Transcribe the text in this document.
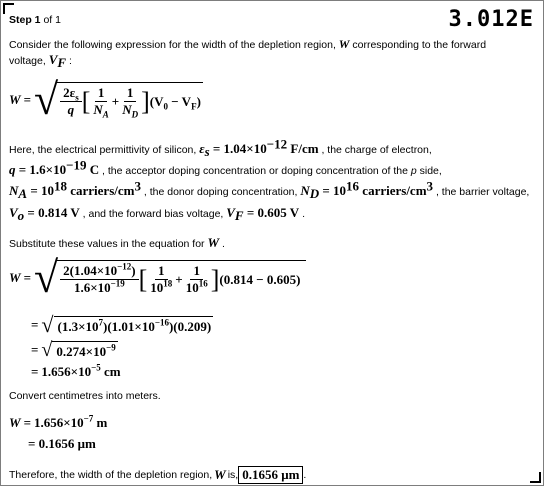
Step 1 of 1	3.012E
Consider the following expression for the width of the depletion region, W corresponding to the forward
voltage, $V_F$ :
W = √ $\frac{2\varepsilon_s}{q}$ [ $\frac{1}{N_A} + \frac{1}{N_D}$ ] $(V_0 - V_F)$
Here, the electrical permittivity of silicon, $\varepsilon_s = 1.04\times 10^{-12}$ F/cm , the charge of electron,
$q = 1.6\times 10^{-19}$ C , the acceptor doping concentration or doping concentration of the p side,
$N_A = 10^{18}$ carriers/$cm^3$ , the donor doping concentration, $N_D = 10^{16}$ carriers/$cm^3$ , the barrier voltage,
$V_o = 0.814$ V , and the forward bias voltage, $V_F = 0.605$ V .
Substitute these values in the equation for W .
W = √ $\frac{2(1.04\times 10^{-12})}{1.6\times 10^{-19}}$ [ $\frac{1}{10^{18}} + \frac{1}{10^{16}}$ ] (0.814 − 0.605)
= √ $(1.3\times 10^7)(1.01\times 10^{-16})(0.209)$
= √ $0.274\times 10^{-9}$
= $1.656\times 10^{-5}$ cm
Convert centimetres into meters.
$W = 1.656\times 10^{-7}$ m
= 0.1656 μm
Therefore, the width of the depletion region, W is, 0.1656 μm .
